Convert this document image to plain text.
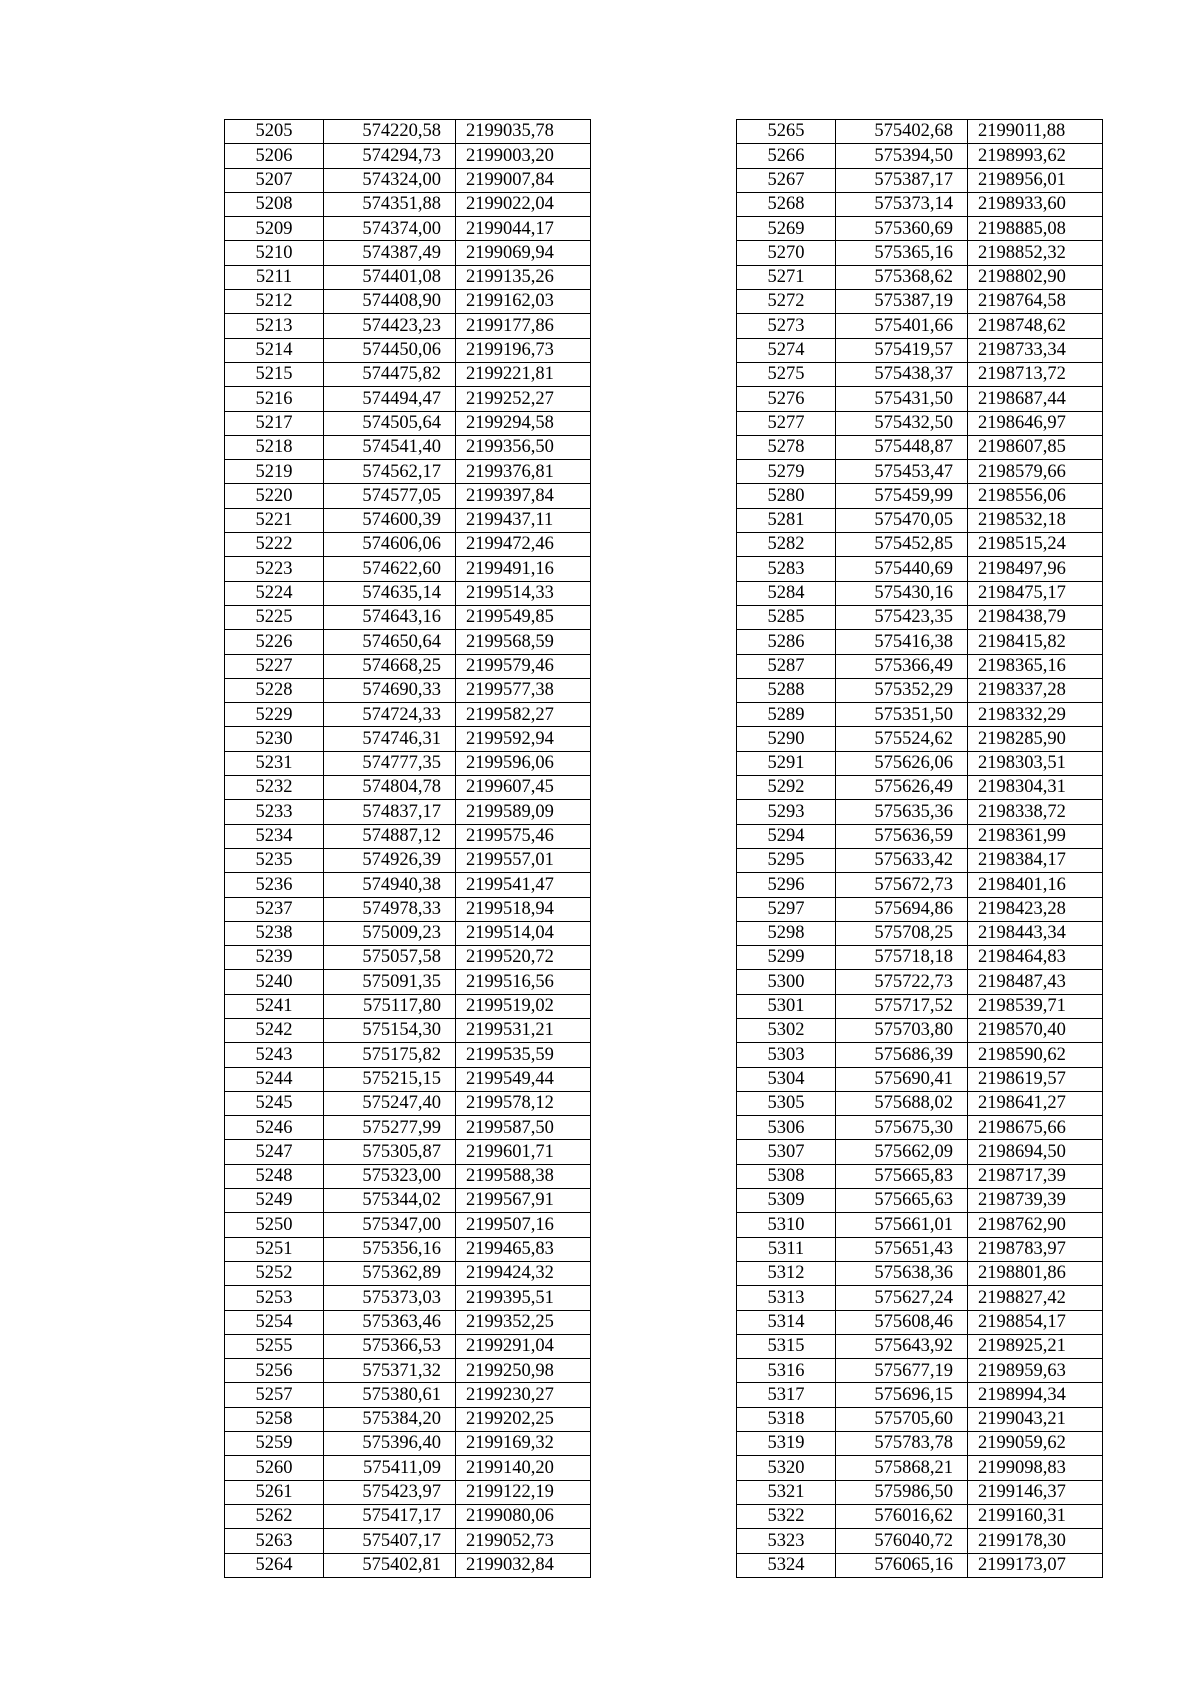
5205	574220,58	2199035,78
5206	574294,73	2199003,20
5207	574324,00	2199007,84
5208	574351,88	2199022,04
5209	574374,00	2199044,17
5210	574387,49	2199069,94
5211	574401,08	2199135,26
5212	574408,90	2199162,03
5213	574423,23	2199177,86
5214	574450,06	2199196,73
5215	574475,82	2199221,81
5216	574494,47	2199252,27
5217	574505,64	2199294,58
5218	574541,40	2199356,50
5219	574562,17	2199376,81
5220	574577,05	2199397,84
5221	574600,39	2199437,11
5222	574606,06	2199472,46
5223	574622,60	2199491,16
5224	574635,14	2199514,33
5225	574643,16	2199549,85
5226	574650,64	2199568,59
5227	574668,25	2199579,46
5228	574690,33	2199577,38
5229	574724,33	2199582,27
5230	574746,31	2199592,94
5231	574777,35	2199596,06
5232	574804,78	2199607,45
5233	574837,17	2199589,09
5234	574887,12	2199575,46
5235	574926,39	2199557,01
5236	574940,38	2199541,47
5237	574978,33	2199518,94
5238	575009,23	2199514,04
5239	575057,58	2199520,72
5240	575091,35	2199516,56
5241	575117,80	2199519,02
5242	575154,30	2199531,21
5243	575175,82	2199535,59
5244	575215,15	2199549,44
5245	575247,40	2199578,12
5246	575277,99	2199587,50
5247	575305,87	2199601,71
5248	575323,00	2199588,38
5249	575344,02	2199567,91
5250	575347,00	2199507,16
5251	575356,16	2199465,83
5252	575362,89	2199424,32
5253	575373,03	2199395,51
5254	575363,46	2199352,25
5255	575366,53	2199291,04
5256	575371,32	2199250,98
5257	575380,61	2199230,27
5258	575384,20	2199202,25
5259	575396,40	2199169,32
5260	575411,09	2199140,20
5261	575423,97	2199122,19
5262	575417,17	2199080,06
5263	575407,17	2199052,73
5264	575402,81	2199032,84
5265	575402,68	2199011,88
5266	575394,50	2198993,62
5267	575387,17	2198956,01
5268	575373,14	2198933,60
5269	575360,69	2198885,08
5270	575365,16	2198852,32
5271	575368,62	2198802,90
5272	575387,19	2198764,58
5273	575401,66	2198748,62
5274	575419,57	2198733,34
5275	575438,37	2198713,72
5276	575431,50	2198687,44
5277	575432,50	2198646,97
5278	575448,87	2198607,85
5279	575453,47	2198579,66
5280	575459,99	2198556,06
5281	575470,05	2198532,18
5282	575452,85	2198515,24
5283	575440,69	2198497,96
5284	575430,16	2198475,17
5285	575423,35	2198438,79
5286	575416,38	2198415,82
5287	575366,49	2198365,16
5288	575352,29	2198337,28
5289	575351,50	2198332,29
5290	575524,62	2198285,90
5291	575626,06	2198303,51
5292	575626,49	2198304,31
5293	575635,36	2198338,72
5294	575636,59	2198361,99
5295	575633,42	2198384,17
5296	575672,73	2198401,16
5297	575694,86	2198423,28
5298	575708,25	2198443,34
5299	575718,18	2198464,83
5300	575722,73	2198487,43
5301	575717,52	2198539,71
5302	575703,80	2198570,40
5303	575686,39	2198590,62
5304	575690,41	2198619,57
5305	575688,02	2198641,27
5306	575675,30	2198675,66
5307	575662,09	2198694,50
5308	575665,83	2198717,39
5309	575665,63	2198739,39
5310	575661,01	2198762,90
5311	575651,43	2198783,97
5312	575638,36	2198801,86
5313	575627,24	2198827,42
5314	575608,46	2198854,17
5315	575643,92	2198925,21
5316	575677,19	2198959,63
5317	575696,15	2198994,34
5318	575705,60	2199043,21
5319	575783,78	2199059,62
5320	575868,21	2199098,83
5321	575986,50	2199146,37
5322	576016,62	2199160,31
5323	576040,72	2199178,30
5324	576065,16	2199173,07
